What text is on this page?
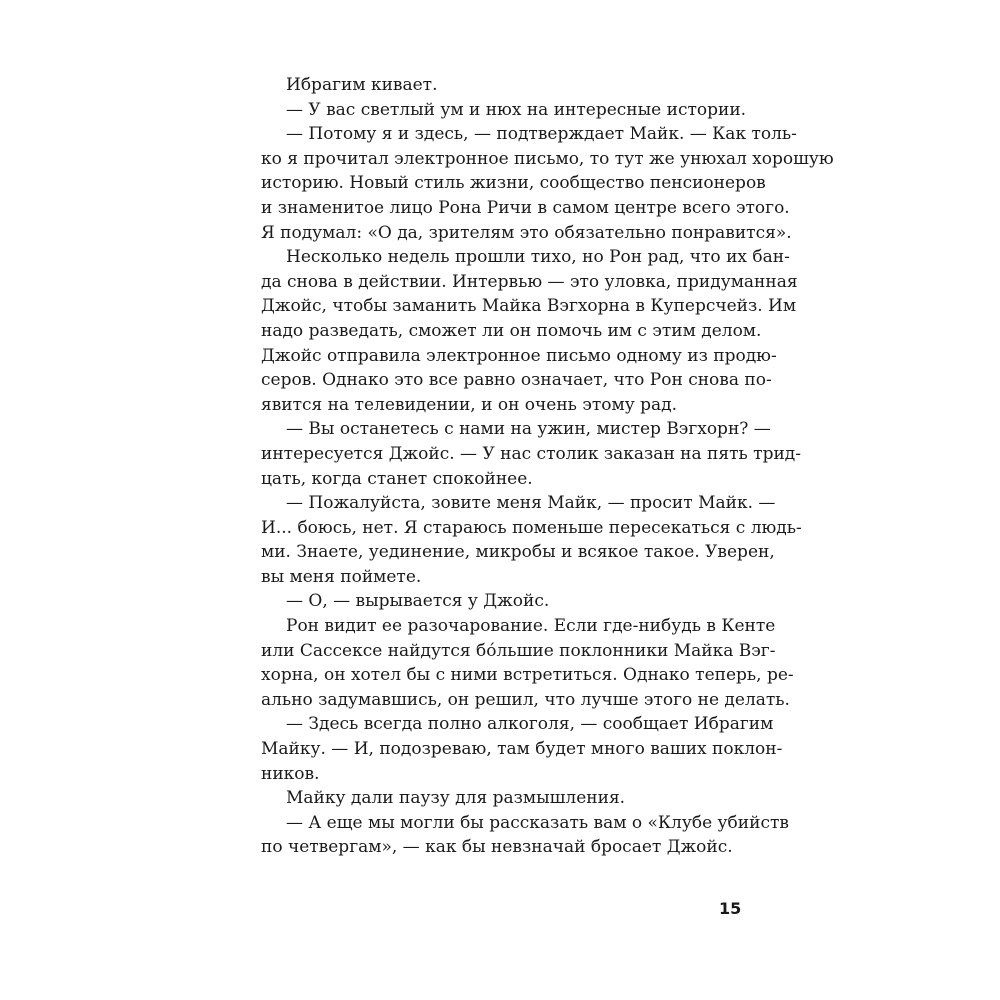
Ибрагим кивает.
— У вас светлый ум и нюх на интересные истории.
— Потому я и здесь, — подтверждает Майк. — Как толь-
ко я прочитал электронное письмо, то тут же унюхал хорошую
историю. Новый стиль жизни, сообщество пенсионеров
и знаменитое лицо Рона Ричи в самом центре всего этого.
Я подумал: «О да, зрителям это обязательно понравится».
Несколько недель прошли тихо, но Рон рад, что их бан-
да снова в действии. Интервью — это уловка, придуманная
Джойс, чтобы заманить Майка Вэгхорна в Куперсчейз. Им
надо разведать, сможет ли он помочь им с этим делом.
Джойс отправила электронное письмо одному из продю-
серов. Однако это все равно означает, что Рон снова по-
явится на телевидении, и он очень этому рад.
— Вы останетесь с нами на ужин, мистер Вэгхорн? —
интересуется Джойс. — У нас столик заказан на пять трид-
цать, когда станет спокойнее.
— Пожалуйста, зовите меня Майк, — просит Майк. —
И... боюсь, нет. Я стараюсь поменьше пересекаться с людь-
ми. Знаете, уединение, микробы и всякое такое. Уверен,
вы меня поймете.
— О, — вырывается у Джойс.
Рон видит ее разочарование. Если где-нибудь в Кенте
или Сассексе найдутся бо́льшие поклонники Майка Вэг-
хорна, он хотел бы с ними встретиться. Однако теперь, ре-
ально задумавшись, он решил, что лучше этого не делать.
— Здесь всегда полно алкоголя, — сообщает Ибрагим
Майку. — И, подозреваю, там будет много ваших поклон-
ников.
Майку дали паузу для размышления.
— А еще мы могли бы рассказать вам о «Клубе убийств
по четвергам», — как бы невзначай бросает Джойс.
15
